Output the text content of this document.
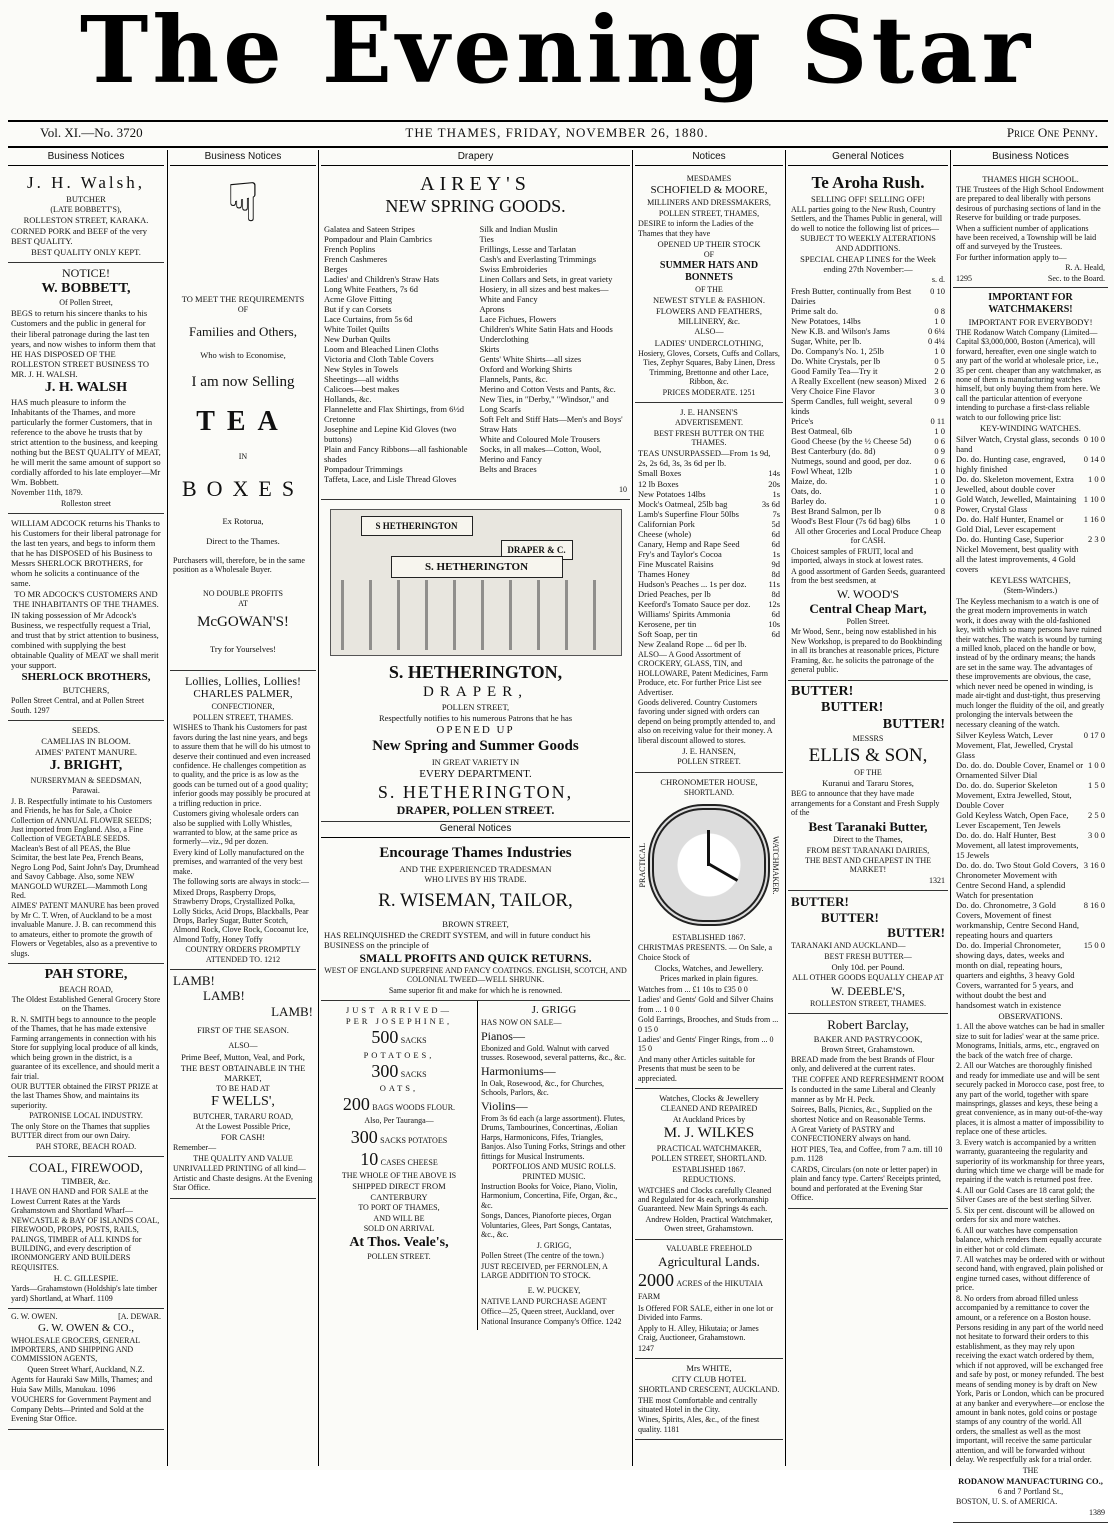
The Evening Star
Vol. XI.—No. 3720	THE THAMES, FRIDAY, NOVEMBER 26, 1880.	Price One Penny.
Business Notices
J. H. Walsh,

BUTCHER

(LATE BOBBETT'S),

ROLLESTON STREET, KARAKA.

CORNED PORK and BEEF of the very BEST QUALITY.

BEST QUALITY ONLY KEPT.

NOTICE!
W. BOBBETT,

Of Pollen Street,

BEGS to return his sincere thanks to his Customers and the public in general for their liberal patronage during the last ten years, and now wishes to inform them that HE HAS DISPOSED OF THE ROLLESTON STREET BUSINESS TO MR. J. H. WALSH.

J. H. WALSH

HAS much pleasure to inform the Inhabitants of the Thames, and more particularly the former Customers, that in reference to the above he trusts that by strict attention to the business, and keeping nothing but the BEST QUALITY of MEAT, he will merit the same amount of support so cordially afforded to his late employer—Mr Wm. Bobbett.

November 11th, 1879.

Rolleston street

WILLIAM ADCOCK returns his Thanks to his Customers for their liberal patronage for the last ten years, and begs to inform them that he has DISPOSED of his Business to Messrs SHERLOCK BROTHERS, for whom he solicits a continuance of the same.

TO MR ADCOCK'S CUSTOMERS AND THE INHABITANTS OF THE THAMES.

IN taking possession of Mr Adcock's Business, we respectfully request a Trial, and trust that by strict attention to business, combined with supplying the best obtainable Quality of MEAT we shall merit your support.

SHERLOCK BROTHERS,

BUTCHERS,

Pollen Street Central, and at Pollen Street South. 1297

SEEDS.

CAMELIAS IN BLOOM.

AIMES' PATENT MANURE.

J. BRIGHT,

NURSERYMAN & SEEDSMAN,

Parawai.

J. B. Respectfully intimate to his Customers and Friends, he has for Sale, a Choice Collection of ANNUAL FLOWER SEEDS; Just imported from England. Also, a Fine Collection of VEGETABLE SEEDS. Maclean's Best of all PEAS, the Blue Scimitar, the best late Pea, French Beans, Negro Long Pod, Saint John's Day, Drumhead and Savoy Cabbage. Also, some NEW MANGOLD WURZEL—Mammoth Long Red.

AIMES' PATENT MANURE has been proved by Mr C. T. Wren, of Auckland to be a most invaluable Manure. J. B. can recommend this to amateurs, either to promote the growth of Flowers or Vegetables, also as a preventive to slugs.

PAH STORE,

BEACH ROAD,

The Oldest Established General Grocery Store on the Thames.

R. N. SMITH begs to announce to the people of the Thames, that he has made extensive Farming arrangements in connection with his Store for supplying local produce of all kinds, which being grown in the district, is a guarantee of its excellence, and should merit a fair trial.

OUR BUTTER obtained the FIRST PRIZE at the last Thames Show, and maintains its superiority.

PATRONISE LOCAL INDUSTRY.

The only Store on the Thames that supplies BUTTER direct from our own Dairy.

PAH STORE, BEACH ROAD.

COAL, FIREWOOD,

TIMBER, &c.

I HAVE ON HAND and FOR SALE at the Lowest Current Rates at the Yards Grahamstown and Shortland Wharf—NEWCASTLE & BAY OF ISLANDS COAL, FIREWOOD, PROPS, POSTS, RAILS, PALINGS, TIMBER of ALL KINDS for BUILDING, and every description of IRONMONGERY AND BUILDERS REQUISITES.

H. C. GILLESPIE.

Yards—Grahamstown (Holdship's late timber yard) Shortland, at Wharf. 1109

G. W. OWEN.	[A. DEWAR.
G. W. OWEN & CO.,

WHOLESALE GROCERS, GENERAL IMPORTERS, AND SHIPPING AND COMMISSION AGENTS,

Queen Street Wharf, Auckland, N.Z.

Agents for Hauraki Saw Mills, Thames; and Huia Saw Mills, Manukau. 1096

VOUCHERS for Government Payment and Company Debts—Printed and Sold at the Evening Star Office.

Business Notices
☟

TO MEET THE REQUIREMENTS

OF

Families and Others,

Who wish to Economise,

I am now Selling
TEA

IN

BOXES

Ex Rotorua,

Direct to the Thames.

Purchasers will, therefore, be in the same position as a Wholesale Buyer.

NO DOUBLE PROFITS

AT

McGOWAN'S!

Try for Yourselves!

Lollies, Lollies, Lollies!
CHARLES PALMER,

CONFECTIONER,

POLLEN STREET, THAMES.

WISHES to Thank his Customers for past favors during the last nine years, and begs to assure them that he will do his utmost to deserve their continued and even increased confidence. He challenges competition as to quality, and the price is as low as the goods can be turned out of a good quality; inferior goods may possibly be procured at a trifling reduction in price.

Customers giving wholesale orders can also be supplied with Lolly Whistles, warranted to blow, at the same price as formerly—viz., 9d per dozen.

Every kind of Lolly manufactured on the premises, and warranted of the very best make.

The following sorts are always in stock:—

Mixed Drops, Raspberry Drops, Strawberry Drops, Crystallized Polka, Lolly Sticks, Acid Drops, Blackballs, Pear Drops, Barley Sugar, Butter Scotch, Almond Rock, Clove Rock, Cocoanut Ice, Almond Toffy, Honey Toffy

COUNTRY ORDERS PROMPTLY ATTENDED TO. 1212

LAMB!
LAMB!
LAMB!

FIRST OF THE SEASON.

ALSO—

Prime Beef, Mutton, Veal, and Pork,

THE BEST OBTAINABLE IN THE MARKET,

TO BE HAD AT

F WELLS',

BUTCHER, TARARU ROAD,

At the Lowest Possible Price,

FOR CASH!

Remember—

THE QUALITY AND VALUE

UNRIVALLED PRINTING of all kind—Artistic and Chaste designs. At the Evening Star Office.

Drapery
AIREY'S
NEW SPRING GOODS.
Galatea and Sateen Stripes
Pompadour and Plain Cambrics
French Poplins
French Cashmeres
Berges
Ladies' and Children's Straw Hats
Long White Feathers, 7s 6d
Acme Glove Fitting
But if y can Corsets
Lace Curtains, from 5s 6d
White Toilet Quilts
New Durban Quilts
Loom and Bleached Linen Cloths
Victoria and Cloth Table Covers
New Styles in Towels
Sheetings—all widths
Calicoes—best makes
Hollands, &c.
Flannelette and Flax Shirtings, from 6½d
Cretonne
Josephine and Lepine Kid Gloves (two buttons)
Plain and Fancy Ribbons—all fashionable shades
Pompadour Trimmings
Taffeta, Lace, and Lisle Thread Gloves
Silk and Indian Muslin
Ties
Frillings, Lesse and Tarlatan
Cash's and Everlasting Trimmings
Swiss Embroideries
Linen Collars and Sets, in great variety
Hosiery, in all sizes and best makes—White and Fancy
Aprons
Lace Fichues, Flowers
Children's White Satin Hats and Hoods
Underclothing
Skirts
Gents' White Shirts—all sizes
Oxford and Working Shirts
Flannels, Pants, &c.
Merino and Cotton Vests and Pants, &c.
New Ties, in "Derby," "Windsor," and Long Scarfs
Soft Felt and Stiff Hats—Men's and Boys'
Straw Hats
White and Coloured Mole Trousers
Socks, in all makes—Cotton, Wool, Merino and Fancy
Belts and Braces

10

S HETHERINGTON
DRAPER & C.
S. HETHERINGTON
S. HETHERINGTON,
DRAPER,

POLLEN STREET,

Respectfully notifies to his numerous Patrons that he has

OPENED UP

New Spring and Summer Goods

IN GREAT VARIETY IN

EVERY DEPARTMENT.

S. HETHERINGTON,
DRAPER, POLLEN STREET.
General Notices
Encourage Thames Industries

AND THE EXPERIENCED TRADESMAN

WHO LIVES BY HIS TRADE.

R. WISEMAN, TAILOR,

BROWN STREET,

HAS RELINQUISHED the CREDIT SYSTEM, and will in future conduct his BUSINESS on the principle of

SMALL PROFITS AND QUICK RETURNS.

WEST OF ENGLAND SUPERFINE AND FANCY COATINGS. ENGLISH, SCOTCH, AND COLONIAL TWEED—WELL SHRUNK.

Same superior fit and make for which he is renowned.

JUST ARRIVED—

PER JOSEPHINE,

500 SACKS

POTATOES,

300 SACKS

OATS,

200 BAGS WOODS FLOUR.

Also, Per Tauranga—

300 SACKS POTATOES

10 CASES CHEESE

THE WHOLE OF THE ABOVE IS

SHIPPED DIRECT FROM

CANTERBURY

TO PORT OF THAMES,

AND WILL BE

SOLD ON ARRIVAL

At Thos. Veale's,

POLLEN STREET.

J. GRIGG

HAS NOW ON SALE—

Pianos—

Ebonized and Gold. Walnut with carved trusses. Rosewood, several patterns, &c., &c.

Harmoniums—

In Oak, Rosewood, &c., for Churches, Schools, Parlors, &c.

Violins—

From 3s 6d each (a large assortment). Flutes, Drums, Tambourines, Concertinas, Æolian Harps, Harmonicons, Fifes, Triangles, Banjos. Also Tuning Forks, Strings and other fittings for Musical Instruments.

PORTFOLIOS AND MUSIC ROLLS. PRINTED MUSIC.

Instruction Books for Voice, Piano, Violin, Harmonium, Concertina, Fife, Organ, &c., &c.

Songs, Dances, Pianoforte pieces, Organ Voluntaries, Glees, Part Songs, Cantatas, &c., &c.

J. GRIGG,

Pollen Street (The centre of the town.)

JUST RECEIVED, per FERNOLEN, A LARGE ADDITION TO STOCK.

E. W. PUCKEY,

NATIVE LAND PURCHASE AGENT

Office—25, Queen street, Auckland, over National Insurance Company's Office. 1242

Notices

MESDAMES

SCHOFIELD & MOORE,

MILLINERS AND DRESSMAKERS,

POLLEN STREET, THAMES,

DESIRE to inform the Ladies of the Thames that they have

OPENED UP THEIR STOCK

OF

SUMMER HATS AND BONNETS

OF THE

NEWEST STYLE & FASHION.

FLOWERS AND FEATHERS, MILLINERY, &c.

ALSO—

LADIES' UNDERCLOTHING,

Hosiery, Gloves, Corsets, Cuffs and Collars, Ties, Zephyr Squares, Baby Linen, Dress Trimming, Brettonne and other Lace, Ribbon, &c.

PRICES MODERATE. 1251

J. E. HANSEN'S

ADVERTISEMENT.

BEST FRESH BUTTER ON THE THAMES.

TEAS UNSURPASSED—From 1s 9d, 2s, 2s 6d, 3s, 3s 6d per lb.
Small Boxes	14s
12 lb Boxes	20s
New Potatoes 14lbs	1s
Mock's Oatmeal, 25lb bag	3s 6d
Lamb's Superfine Flour 50lbs	7s
Californian Pork	5d
Cheese (whole)	6d
Canary, Hemp and Rape Seed	6d
Fry's and Taylor's Cocoa	1s
Fine Muscatel Raisins	9d
Thames Honey	8d
Hudson's Peaches ... 1s per doz.	11s
Dried Peaches, per lb	8d
Keeford's Tomato Sauce per doz.	12s
Williams' Spirits Ammonia	6d
Kerosene, per tin	10s
Soft Soap, per tin	6d
New Zealand Rope ... 6d per lb.

ALSO— A Good Assortment of CROCKERY, GLASS, TIN, and HOLLOWARE, Patent Medicines, Farm Produce, etc. For further Price List see Advertiser.

Goods delivered. Country Customers favoring under signed with orders can depend on being promptly attended to, and also on receiving value for their money. A liberal discount allowed to stores.

J. E. HANSEN,

POLLEN STREET.

CHRONOMETER HOUSE,

SHORTLAND.

PRACTICAL	WATCHMAKER.

ESTABLISHED 1867.

CHRISTMAS PRESENTS. — On Sale, a Choice Stock of

Clocks, Watches, and Jewellery.

Prices marked in plain figures.

Watches from ... £1 10s to £35 0 0

Ladies' and Gents' Gold and Silver Chains from ... 1 0 0

Gold Earrings, Brooches, and Studs from ... 0 15 0

Ladies' and Gents' Finger Rings, from ... 0 15 0

And many other Articles suitable for Presents that must be seen to be appreciated.

Watches, Clocks & Jewellery

CLEANED AND REPAIRED

At Auckland Prices by

M. J. WILKES

PRACTICAL WATCHMAKER,

POLLEN STREET, SHORTLAND.

ESTABLISHED 1867.

REDUCTIONS.

WATCHES and Clocks carefully Cleaned and Regulated for 4s each, workmanship Guaranteed. New Main Springs 4s each.

Andrew Holden, Practical Watchmaker, Owen street, Grahamstown.

VALUABLE FREEHOLD

Agricultural Lands.

2000 ACRES of the HIKUTAIA FARM

Is Offered FOR SALE, either in one lot or Divided into Farms.

Apply to H. Alley, Hikutaia; or James Craig, Auctioneer, Grahamstown.

1247

Mrs WHITE,

CITY CLUB HOTEL

SHORTLAND CRESCENT, AUCKLAND.

THE most Comfortable and centrally situated Hotel in the City.

Wines, Spirits, Ales, &c., of the finest quality. 1181

General Notices
Te Aroha Rush.

SELLING OFF! SELLING OFF!

ALL parties going to the New Rush, Country Settlers, and the Thames Public in general, will do well to notice the following list of prices—

SUBJECT TO WEEKLY ALTERATIONS AND ADDITIONS.

SPECIAL CHEAP LINES for the Week ending 27th November:—

s. d.

Fresh Butter, continually from Best Dairies
0 10
Prime salt do.	0 8
New Potatoes, 14lbs	1 0
New K.B. and Wilson's Jams	0 6¼
Sugar, White, per lb.	0 4¼
Do. Company's No. 1, 25lb	1 0
Do. White Crystals, per lb	0 5
Good Family Tea—Try it	2 0
A Really Excellent (new season) Mixed 2 6
Very Choice Fine Flavor	3 0
Sperm Candles, full weight, several kinds
0 9
Price's	0 11
Best Oatmeal, 6lb	1 0
Good Cheese (by the ½ Cheese 5d)	0 6
Best Canterbury (do. 8d)	0 9
Nutmegs, sound and good, per doz.	0 6
Fowl Wheat, 12lb	1 0
Maize, do.	1 0
Oats, do.	1 0
Barley do.	1 0
Best Brand Salmon, per lb	0 8
Wood's Best Flour (7s 6d bag) 6lbs	1 0

All other Groceries and Local Produce Cheap for CASH.

Choicest samples of FRUIT, local and imported, always in stock at lowest rates.

A good assortment of Garden Seeds, guaranteed from the best seedsmen, at

W. WOOD'S
Central Cheap Mart,

Pollen Street.

Mr Wood, Senr., being now established in his New Workshop, is prepared to do Bookbinding in all its branches at reasonable prices, Picture Framing, &c. he solicits the patronage of the general public.

BUTTER!
BUTTER!
BUTTER!

MESSRS

ELLIS & SON,

OF THE

Kuranui and Tararu Stores,

BEG to announce that they have made arrangements for a Constant and Fresh Supply of the

Best Taranaki Butter,

Direct to the Thames,

FROM BEST TARANAKI DAIRIES,

THE BEST AND CHEAPEST IN THE MARKET!

1321

BUTTER!
BUTTER!
BUTTER!

TARANAKI AND AUCKLAND—

BEST FRESH BUTTER—

Only 10d. per Pound.

ALL OTHER GOODS EQUALLY CHEAP AT

W. DEEBLE'S,

ROLLESTON STREET, THAMES.

Robert Barclay,

BAKER AND PASTRYCOOK,

Brown Street, Grahamstown.

BREAD made from the best Brands of Flour only, and delivered at the current rates.

THE COFFEE AND REFRESHMENT ROOM

Is conducted in the same Liberal and Cleanly manner as by Mr H. Peck.

Soirees, Balls, Picnics, &c., Supplied on the shortest Notice and on Reasonable Terms.

A Great Variety of PASTRY and CONFECTIONERY always on hand.

HOT PIES, Tea, and Coffee, from 7 a.m. till 10 p.m. 1128

CARDS, Circulars (on note or letter paper) in plain and fancy type. Carters' Receipts printed, bound and perforated at the Evening Star Office.

Business Notices

THAMES HIGH SCHOOL.

THE Trustees of the High School Endowment are prepared to deal liberally with persons desirous of purchasing sections of land in the Reserve for building or trade purposes.

When a sufficient number of applications have been received, a Township will be laid off and surveyed by the Trustees.

For further information apply to—

R. A. Heald,

1295	Sec. to the Board.

IMPORTANT FOR WATCHMAKERS!

IMPORTANT FOR EVERYBODY!

THE Rodanow Watch Company (Limited—Capital $3,000,000, Boston (America), will forward, hereafter, even one single watch to any part of the world at wholesale price, i.e., 35 per cent. cheaper than any watchmaker, as none of them is manufacturing watches himself, but only buying them from here. We call the particular attention of everyone intending to purchase a first-class reliable watch to our following price list:

KEY-WINDING WATCHES.

Silver Watch, Crystal glass, seconds hand
0 10 0
Do. do. Hunting case, engraved, highly finished
0 14 0
Do. do. Skeleton movement, Extra Jewelled, about double cover
1 0 0
Gold Watch, Jewelled, Maintaining Power, Crystal Glass
1 10 0
Do. do. Half Hunter, Enamel or Gold Dial, Lever escapement
1 16 0
Do. do. Hunting Case, Superior Nickel Movement, best quality with all the latest improvements, 4 Gold covers
2 3 0

KEYLESS WATCHES,

(Stem-Winders.)

The Keyless mechanism to a watch is one of the great modern improvements in watch work, it does away with the old-fashioned key, with which so many persons have ruined their watches. The watch is wound by turning a milled knob, placed on the handle or bow, instead of by the ordinary means; the hands are set in the same way. The advantages of these improvements are obvious, the case, which never need be opened in winding, is made air-tight and dust-tight, thus preserving much longer the fluidity of the oil, and greatly prolonging the intervals between the necessary cleaning of the watch.

Silver Keyless Watch, Lever Movement, Flat, Jewelled, Crystal Glass
0 17 0
Do. do. do. Double Cover, Enamel or Ornamented Silver Dial
1 0 0
Do. do. do. Superior Skeleton Movement, Extra Jewelled, Stout, Double Cover
1 5 0
Gold Keyless Watch, Open Face, Lever Escapement, Ten Jewels
2 5 0
Do. do. do. Half Hunter, Best Movement, all latest improvements, 15 Jewels
3 0 0
Do. do. do. Two Stout Gold Covers, Chronometer Movement with Centre Second Hand, a splendid Watch for presentation
3 16 0
Do. do. Chronometre, 3 Gold Covers, Movement of finest workmanship, Centre Second Hand, repeating hours and quarters
8 16 0
Do. do. Imperial Chronometer, showing days, dates, weeks and month on dial, repeating hours, quarters and eighths, 3 heavy Gold Covers, warranted for 5 years, and without doubt the best and handsomest watch in existence
15 0 0

OBSERVATIONS.

1. All the above watches can be had in smaller size to suit for ladies' wear at the same price. Monograms, Initials, arms, etc., engraved on the back of the watch free of charge.

2. All our Watches are thoroughly finished and ready for immediate use and will be sent securely packed in Morocco case, post free, to any part of the world, together with spare mainsprings, glasses and keys, these being a great convenience, as in many out-of-the-way places, it is almost a matter of impossibility to replace one of these articles.

3. Every watch is accompanied by a written warranty, guaranteeing the regularity and superiority of its workmanship for three years, during which time we charge will be made for repairing if the watch is returned post free.

4. All our Gold Cases are 18 carat gold; the Silver Cases are of the best sterling Silver.

5. Six per cent. discount will be allowed on orders for six and more watches.

6. All our watches have compensation balance, which renders them equally accurate in either hot or cold climate.

7. All watches may be ordered with or without second hand, with engraved, plain polished or engine turned cases, without difference of price.

8. No orders from abroad filled unless accompanied by a remittance to cover the amount, or a reference on a Boston house.

Persons residing in any part of the world need not hesitate to forward their orders to this establishment, as they may rely upon receiving the exact watch ordered by them, which if not approved, will be exchanged free and safe by post, or money refunded. The best means of sending money is by draft on New York, Paris or London, which can be procured at any banker and everywhere—or enclose the amount in bank notes, gold coins or postage stamps of any country of the world. All orders, the smallest as well as the most important, will receive the same particular attention, and will be forwarded without delay. We respectfully ask for a trial order.

THE

RODANOW MANUFACTURING CO.,

6 and 7 Portland St.,

BOSTON, U. S. of AMERICA.

1389
